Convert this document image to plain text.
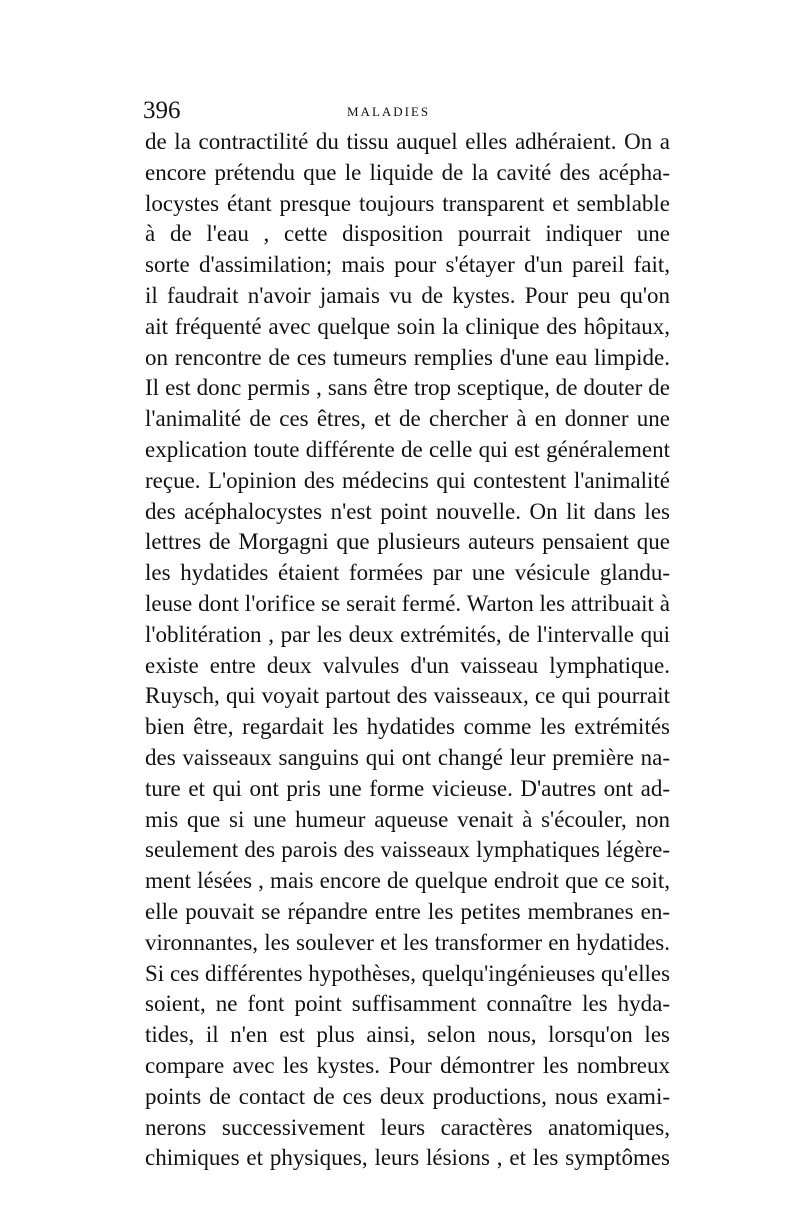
396	MALADIES
de la contractilité du tissu auquel elles adhéraient. On a
encore prétendu que le liquide de la cavité des acépha-
locystes étant presque toujours transparent et semblable
à de l'eau , cette disposition pourrait indiquer une
sorte d'assimilation; mais pour s'étayer d'un pareil fait,
il faudrait n'avoir jamais vu de kystes. Pour peu qu'on
ait fréquenté avec quelque soin la clinique des hôpitaux,
on rencontre de ces tumeurs remplies d'une eau limpide.
Il est donc permis , sans être trop sceptique, de douter de
l'animalité de ces êtres, et de chercher à en donner une
explication toute différente de celle qui est généralement
reçue. L'opinion des médecins qui contestent l'animalité
des acéphalocystes n'est point nouvelle. On lit dans les
lettres de Morgagni que plusieurs auteurs pensaient que
les hydatides étaient formées par une vésicule glandu-
leuse dont l'orifice se serait fermé. Warton les attribuait à
l'oblitération , par les deux extrémités, de l'intervalle qui
existe entre deux valvules d'un vaisseau lymphatique.
Ruysch, qui voyait partout des vaisseaux, ce qui pourrait
bien être, regardait les hydatides comme les extrémités
des vaisseaux sanguins qui ont changé leur première na-
ture et qui ont pris une forme vicieuse. D'autres ont ad-
mis que si une humeur aqueuse venait à s'écouler, non
seulement des parois des vaisseaux lymphatiques légère-
ment lésées , mais encore de quelque endroit que ce soit,
elle pouvait se répandre entre les petites membranes en-
vironnantes, les soulever et les transformer en hydatides.
Si ces différentes hypothèses, quelqu'ingénieuses qu'elles
soient, ne font point suffisamment connaître les hyda-
tides, il n'en est plus ainsi, selon nous, lorsqu'on les
compare avec les kystes. Pour démontrer les nombreux
points de contact de ces deux productions, nous exami-
nerons successivement leurs caractères anatomiques,
chimiques et physiques, leurs lésions , et les symptômes
